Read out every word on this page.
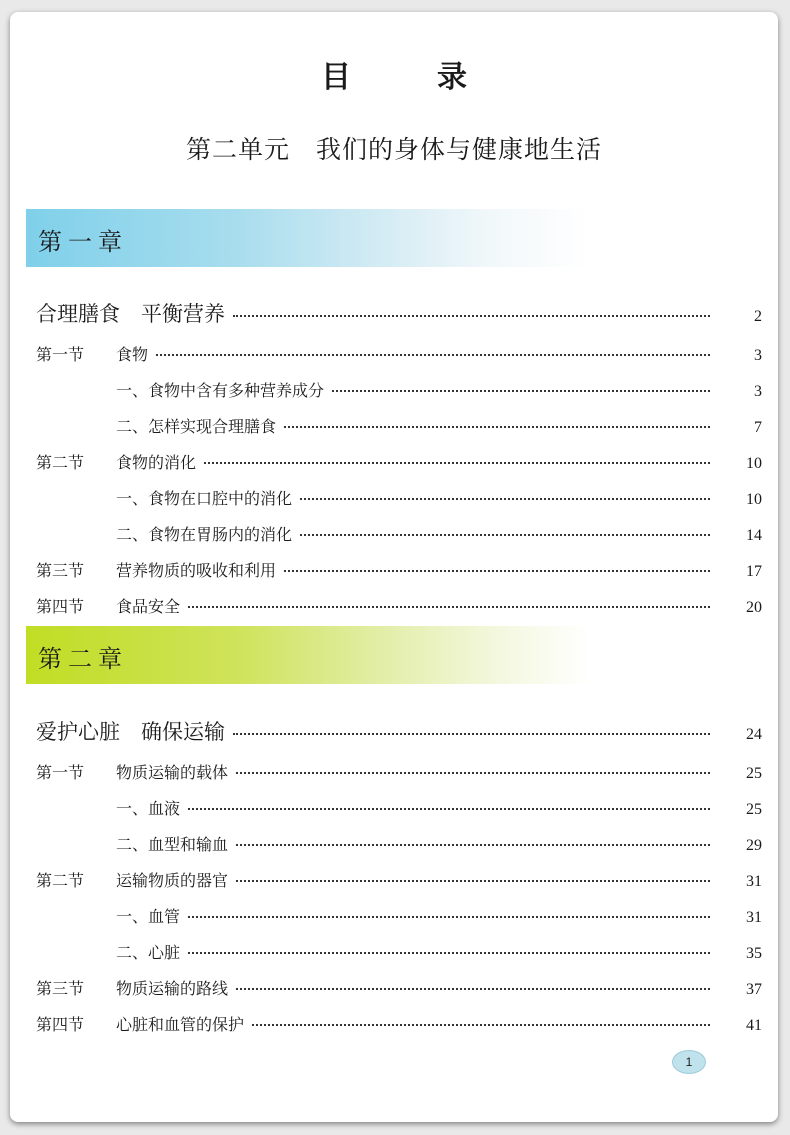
目　录
第二单元　我们的身体与健康地生活
第一章
合理膳食　平衡营养	2
第一节	食物	3
一、食物中含有多种营养成分	3
二、怎样实现合理膳食	7
第二节	食物的消化	10
一、食物在口腔中的消化	10
二、食物在胃肠内的消化	14
第三节	营养物质的吸收和利用	17
第四节	食品安全	20
第二章
爱护心脏　确保运输	24
第一节	物质运输的载体	25
一、血液	25
二、血型和输血	29
第二节	运输物质的器官	31
一、血管	31
二、心脏	35
第三节	物质运输的路线	37
第四节	心脏和血管的保护	41
1
